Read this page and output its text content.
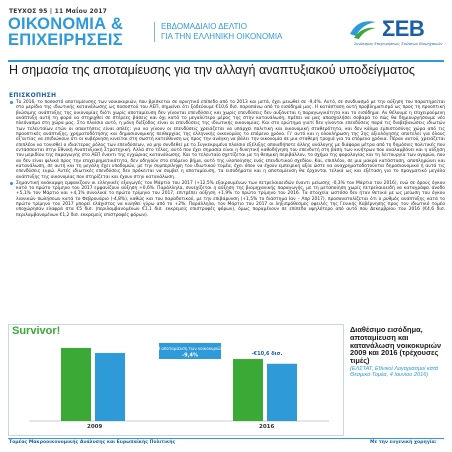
ΤΕΥΧΟΣ 95 | 11 Μαΐου 2017
ΟΙΚΟΝΟΜΙΑ &
ΕΠΙΧΕΙΡΗΣΕΙΣ
ΕΒΔΟΜΑΔΙΑΙΟ ΔΕΛΤΙΟ
ΓΙΑ ΤΗΝ ΕΛΛΗΝΙΚΗ ΟΙΚΟΝΟΜΙΑ	ΣΕΒ
Σύνδεσμος Επιχειρήσεων, Ενώσεων Βιομηχανιών
Η σημασία της αποταμίευσης για την αλλαγή αναπτυξιακού υποδείγματος
ΕΠΙΣΚΟΠΗΣΗ

Το 2016, το ποσοστό αποταμίευσης των νοικοκυριών, που βρίσκεται σε αρνητικό επίπεδο από το 2013 και μετά, έχει μειωθεί σε -9,4%. Αυτό, σε συνδυασμό με την αύξηση του παρατηρείται στο μερίδιο της ιδιωτικής κατανάλωσης ως ποσοστού του ΑΕΠ, σημαίνει ότι ξοδεύουμε €10,6 δισ. παραπάνω από το εισόδημά μας. Η κατάσταση αυτή προβληματισμό ως προς τη προοπτική βιώσιμης ανάπτυξης της οικονομίας διότι χωρίς αποταμίευση δεν γίνονται επενδύσεις και χωρίς επενδύσεις δεν αυξάνεται η παραγωγικότητα και το εισόδημα. Αν θέλουμε η επιχειρούμενη ανάπτυξη αυτή τη φορά να στηριχθεί σε στέρεες βάσεις και όχι κατά το μεγαλύτερο μέρος της στην κατανάλωση, πρέπει να μας απασχολήσει σοβαρά το πώς θα δημιουργήσουμε νέο πλεόνασμα στη χώρα μας. Στο πλαίσιο αυτό, η μόνη διέξοδος είναι οι επενδύσεις της ιδιωτικής οικονομίας. Και στο ερώτημα γιατί δεν γίνονται επενδύσεις παρά τις διαβεβαιώσεις ιδιωτών των τελευταίων ετών οι απαντήσεις είναι απλές: για να γίνουν οι επενδύσεις χρειάζεται να υπάρχει πολιτική και οικονομική σταθερότητα, και δεν κάλμα εμπιστοσύνης χώρα από τις προοπτικές ανάπτυξης, χρηματοδότησης και δημοσιονομικής πειθαρχίας της ελληνικής οικονομίας το επόμενο χρόνο. Γι' αυτό και η ολοκλήρωση της 2ης αξιολόγησης αποτελεί για όλους εξ'αιτίας να επιδιώκουν ότι οι κυβέρνηση κινείται στη σωστή κατεύθυνση ως προς την ανάγκη να βάλει την οικονομία σε μια σταθερή τροχιά για τα επόμενα χρόνια. Πέραν αυτού, χρειάζεται επιπλέον να τονισθεί ο ιδιαίτερος ρόλος των επενδύσεων, να μην συνδεθεί με το Συγκεκριμένο πλαίσιο εξέλιξης οποιαδήποτε άλλης ανάλογης με διάφορα μέτρα από τη δημόσιες πολιτικές που εντάσσονται στην Εθνική Αναπτυξιακή Στρατηγική. Αλλά στο τέλος, αυτό που έχει σημασία είναι η δυνητική καθοδήγηση του επενδυτή στη βάση των κινήτρων που αναλαμβάνει και η αύξηση του μεριδίου της παραγωγής στο ΑΕΠ έναντι της εγχώριας κατανάλωσης. Και το τελευταίο σχετίζεται με τη θεσμική περιβάλλον, το σχήμα της φορολογίας και τη λειτουργία των αγορών, που αν δεν είναι φιλικά προς την επιχειρηματικότητα, δεν οδηγούν στο επόμενο βήμα, αυτό της υλοποίησης ενός επενδυτικού σχεδίου. Και, επιπλέον, σε μια μακρά κατάσταση, αποπληρώνει και κατανάλωση, σε αυτή και τη μεγάλη έχει υποδομών, με την συμπερίληψη του ιδιωτικού τομέα, έχει όπου να έχουν εμπειρική αξία ώστε να αναχρηματοδοτούνται δημοσιονομικά ή αυτά τις επενδύσεις ευρώ. Αυτές ιδιωτικές επενδύσεις δεν πρόκειται να συμβεί η αποταμίευση, τα εισοδήματα και η αποταμίευση θα έρχονται τελικά ως και εξέταση για το πραγματικό μεγάλο ανάπτυξης της οικονομίας που στηρίζεται και έχουν στην κατανάλωση.

Σημαντική ανάκαμψη εμφανίζουν οι ελληνικές εξαγωγές τον Μάρτιο του 2017 (+12,5% εξαιρουμένων των πετρελαιοειδών έναντι μείωσης -0,3% τον Μάρτιο του 2016), ενώ σε όρους όγκου κατά το πρώτο τρίμηνο του 2017 εμφανίζουν αύξηση +0,6%. Παράλληλα, συνεχίζεται η αύξηση της βιομηχανικής παραγωγής, με τη μεταποίηση χωρίς πετρελαιοειδή να καταγράφει άνοδο +5,1% τον Μάρτιο και +4,1% συνολικά το πρώτο τρίμηνο του 2017, επιτρέπει αύξηση +1,9% το πρώτο τρίμηνο του 2016. Τα στοιχεία ωστόσο δεν ήταν θετικά με ως μείωση του όγκου λιανικών πωλήσεων κατά το Φεβρουάριο (-4,8%), καθώς και του παραδοτικού, με την επιβάρυνση (+1,5% το διάστημα Ιαν – Απρ 2017), προσανατολίζεται ότι ο ρυθμός ανάπτυξης κατά το πρώτο τρίμηνο του 2017 μπορεί ελάχιστος να κινηθεί γύρω από το +2%. Παράλληλα, τον Μάρτιο του 2017 οι ληξιπρόθεσμες οφειλές της Γενικής Κυβέρνησης προς τον ιδιωτικό τομέα υποχώρησαν ελαφρά στα €5 δισ. (περιλαμβανομένων €1,1 δισ. εκκρεμείς επιστροφές φόρων), όμως παραμένουν σε επίπεδο υψηλότερο από αυτό που Δεκεμβρίου του 2016 (€4,6 δισ. περιλαμβανομένων €1,2 δισ. εκκρεμείς επιστροφές φόρων).

Survivor!
Η αποταμίευση των νοικοκυριών
-9,4%	-€10,6 δισ.
2009	2016
Διαθέσιμο εισόδημα, αποταμίευση και κατανάλωση νοικοκυριών 2009 και 2016 (τρέχουσες τιμές)
(ΕΛΣΤΑΤ, Εθνικοί Λογαριασμοί κατά Θεσμικό Τομέα, 4 Ιουνίου 2016)
Τομέας Μακροοικονομικής Ανάλυσης και Ευρωπαϊκής Πολιτικής	Με την ευγενική χορηγία:
